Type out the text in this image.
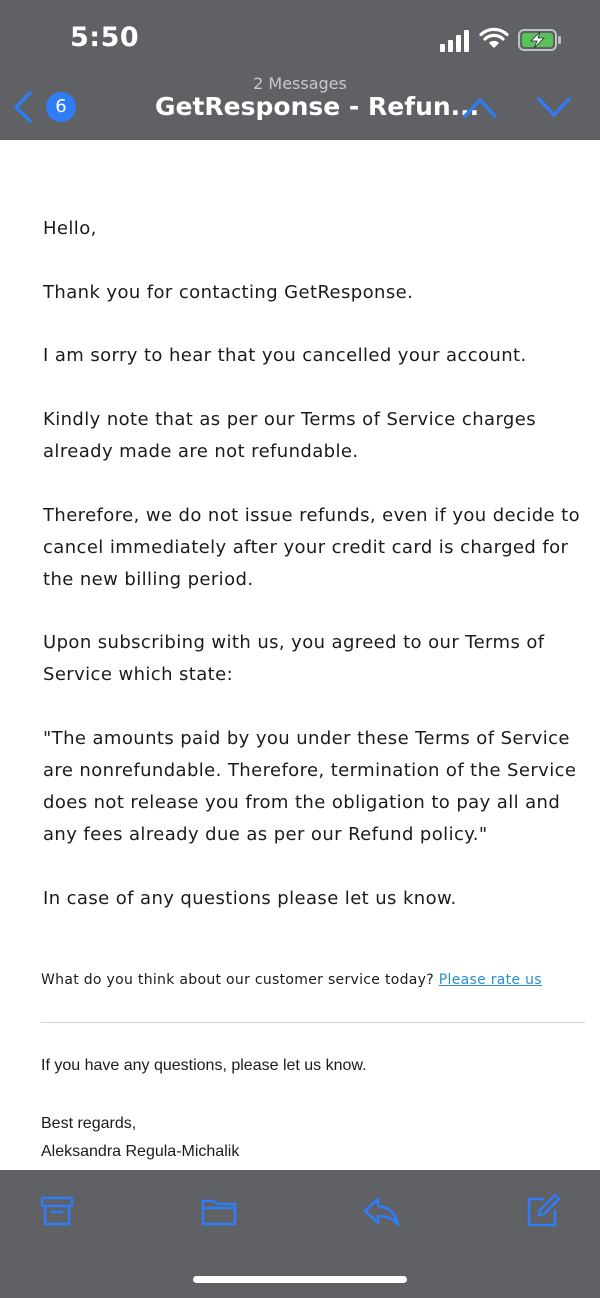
5:50
6
2 Messages
GetResponse - Refun...

Hello,

Thank you for contacting GetResponse.

I am sorry to hear that you cancelled your account.

Kindly note that as per our Terms of Service charges already made are not refundable.

Therefore, we do not issue refunds, even if you decide to cancel immediately after your credit card is charged for the new billing period.

Upon subscribing with us, you agreed to our Terms of Service which state:

"The amounts paid by you under these Terms of Service are nonrefundable. Therefore, termination of the Service does not release you from the obligation to pay all and any fees already due as per our Refund policy."

In case of any questions please let us know.

What do you think about our customer service today? Please rate us
If you have any questions, please let us know.
Best regards,
Aleksandra Regula-Michalik
